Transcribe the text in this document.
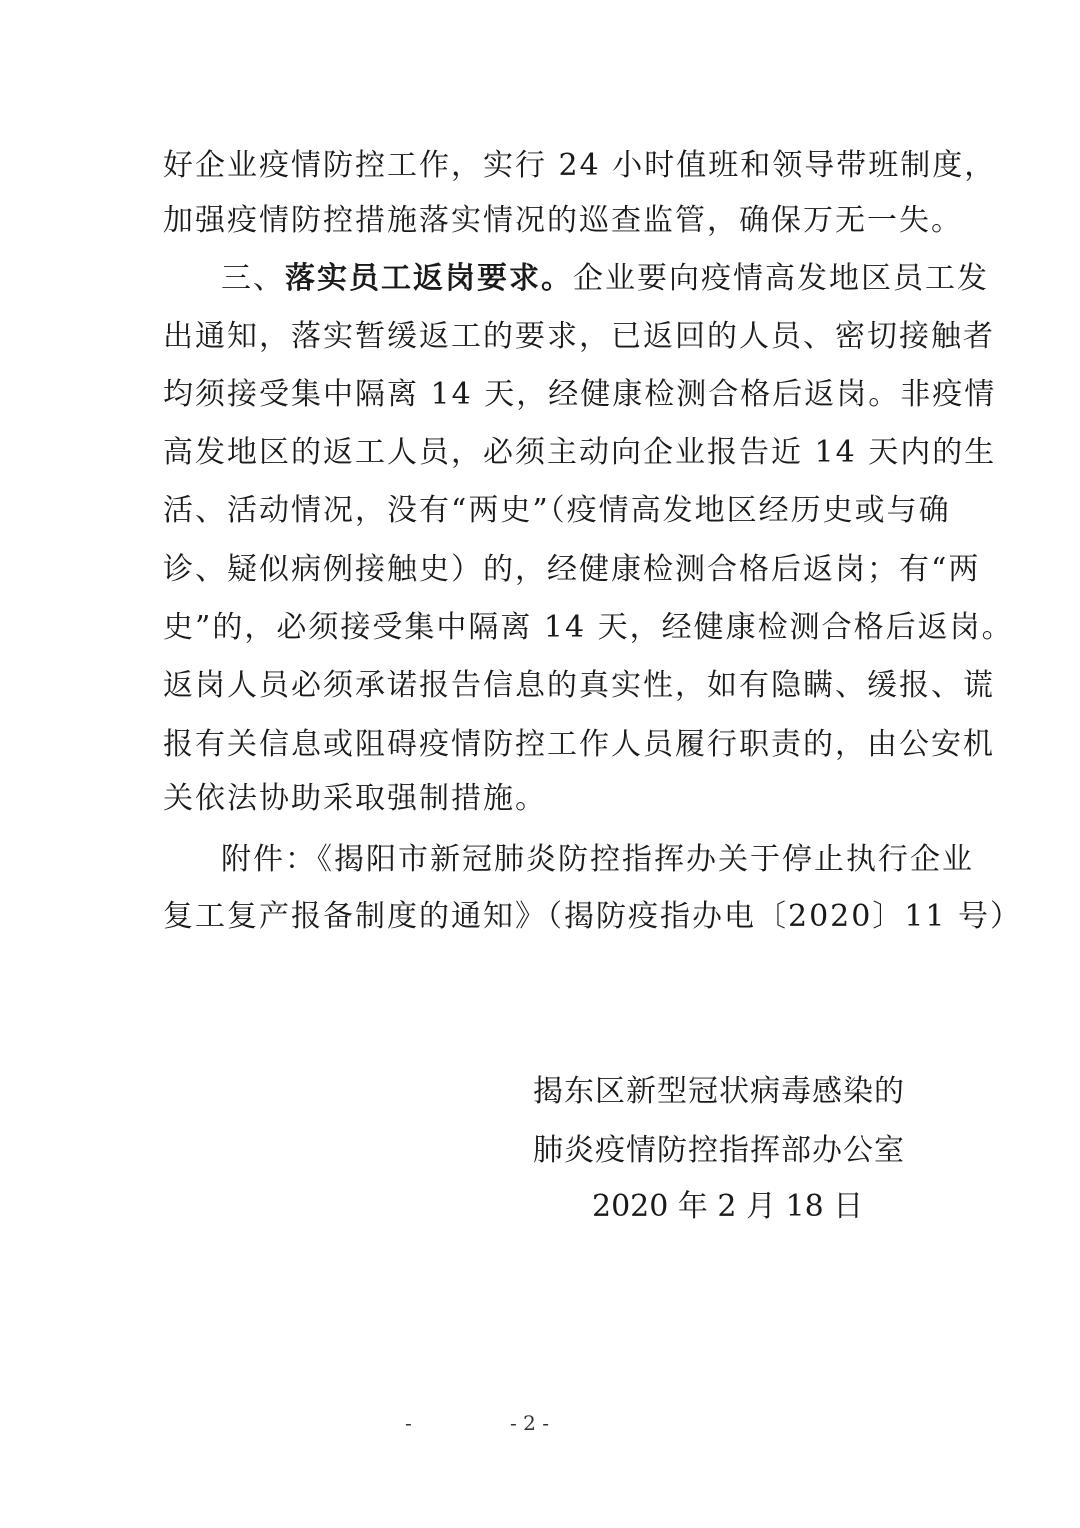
好企业疫情防控工作，实行 24 小时值班和领导带班制度，
加强疫情防控措施落实情况的巡查监管，确保万无一失。
三、落实员工返岗要求。企业要向疫情高发地区员工发
出通知，落实暂缓返工的要求，已返回的人员、密切接触者
均须接受集中隔离 14 天，经健康检测合格后返岗。非疫情
高发地区的返工人员，必须主动向企业报告近 14 天内的生
活、活动情况，没有“两史”（疫情高发地区经历史或与确
诊、疑似病例接触史）的，经健康检测合格后返岗；有“两
史”的，必须接受集中隔离 14 天，经健康检测合格后返岗。
返岗人员必须承诺报告信息的真实性，如有隐瞒、缓报、谎
报有关信息或阻碍疫情防控工作人员履行职责的，由公安机
关依法协助采取强制措施。
附件：《揭阳市新冠肺炎防控指挥办关于停止执行企业
复工复产报备制度的通知》（揭防疫指办电〔2020〕11 号）
揭东区新型冠状病毒感染的
肺炎疫情防控指挥部办公室
2020 年 2 月 18 日
-	- 2 -
